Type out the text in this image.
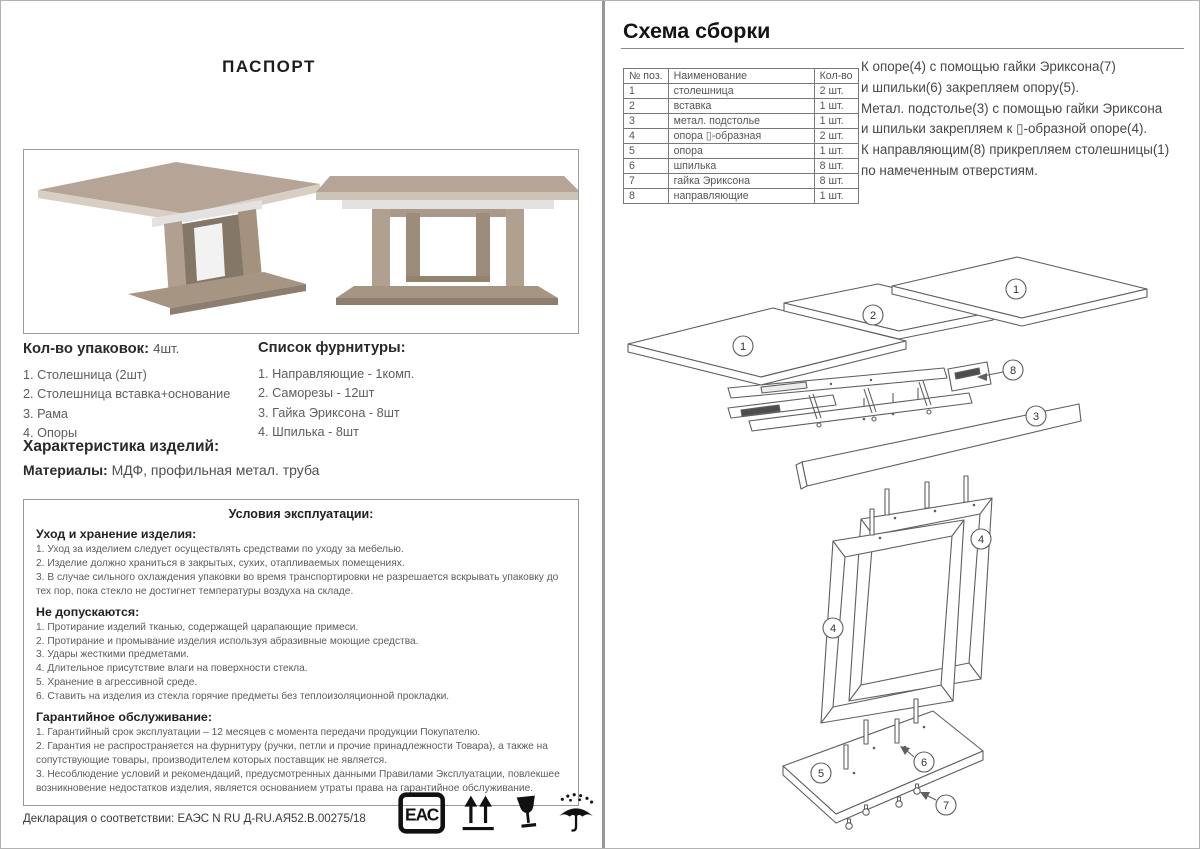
ПАСПОРТ
Кол-во упаковок: 4шт.
1. Столешница (2шт)
2. Столешница вставка+основание
3. Рама
4. Опоры
Список фурнитуры:
1. Направляющие - 1комп.
2. Саморезы - 12шт
3. Гайка Эриксона - 8шт
4. Шпилька - 8шт
Характеристика изделий:
Материалы: МДФ, профильная метал. труба
Условия эксплуатации:
Уход и хранение изделия:
1. Уход за изделием следует осуществлять средствами по уходу за мебелью.
2. Изделие должно храниться в закрытых, сухих, отапливаемых помещениях.
3. В случае сильного охлаждения упаковки во время транспортировки не разрешается вскрывать упаковку до тех пор, пока стекло не достигнет температуры воздуха на складе.
Не допускаются:
1. Протирание изделий тканью, содержащей царапающие примеси.
2. Протирание и промывание изделия используя абразивные моющие средства.
3. Удары жесткими предметами.
4. Длительное присутствие влаги на поверхности стекла.
5. Хранение в агрессивной среде.
6. Ставить на изделия из стекла горячие предметы без теплоизоляционной прокладки.
Гарантийное обслуживание:
1. Гарантийный срок эксплуатации – 12 месяцев с момента передачи продукции Покупателю.
2. Гарантия не распространяется на фурнитуру (ручки, петли и прочие принадлежности Товара), а также на сопутствующие товары, производителем которых поставщик не является.
3. Несоблюдение условий и рекомендаций, предусмотренных данными Правилами Эксплуатации, повлекшее возникновение недостатков изделия, является основанием утраты права на гарантийное обслуживание.
Декларация о соответствии: ЕАЭС N RU Д-RU.АЯ52.В.00275/18 ЕАС
Схема сборки
№ поз.	Наименование	Кол-во
1	столешница	2 шт.
2	вставка	1 шт.
3	метал. подстолье	1 шт.
4	опора ▯-образная	2 шт.
5	опора	1 шт.
6	шпилька	8 шт.
7	гайка Эриксона	8 шт.
8	направляющие	1 шт.
К опоре(4) с помощью гайки Эриксона(7)
и шпильки(6) закрепляем опору(5).
Метал. подстолье(3) с помощью гайки Эриксона
и шпильки закрепляем к ▯-образной опоре(4).
К направляющим(8) прикрепляем столешницы(1)
по намеченным отверстиям.
1
2
1
8
3
4
4
5
6
7
